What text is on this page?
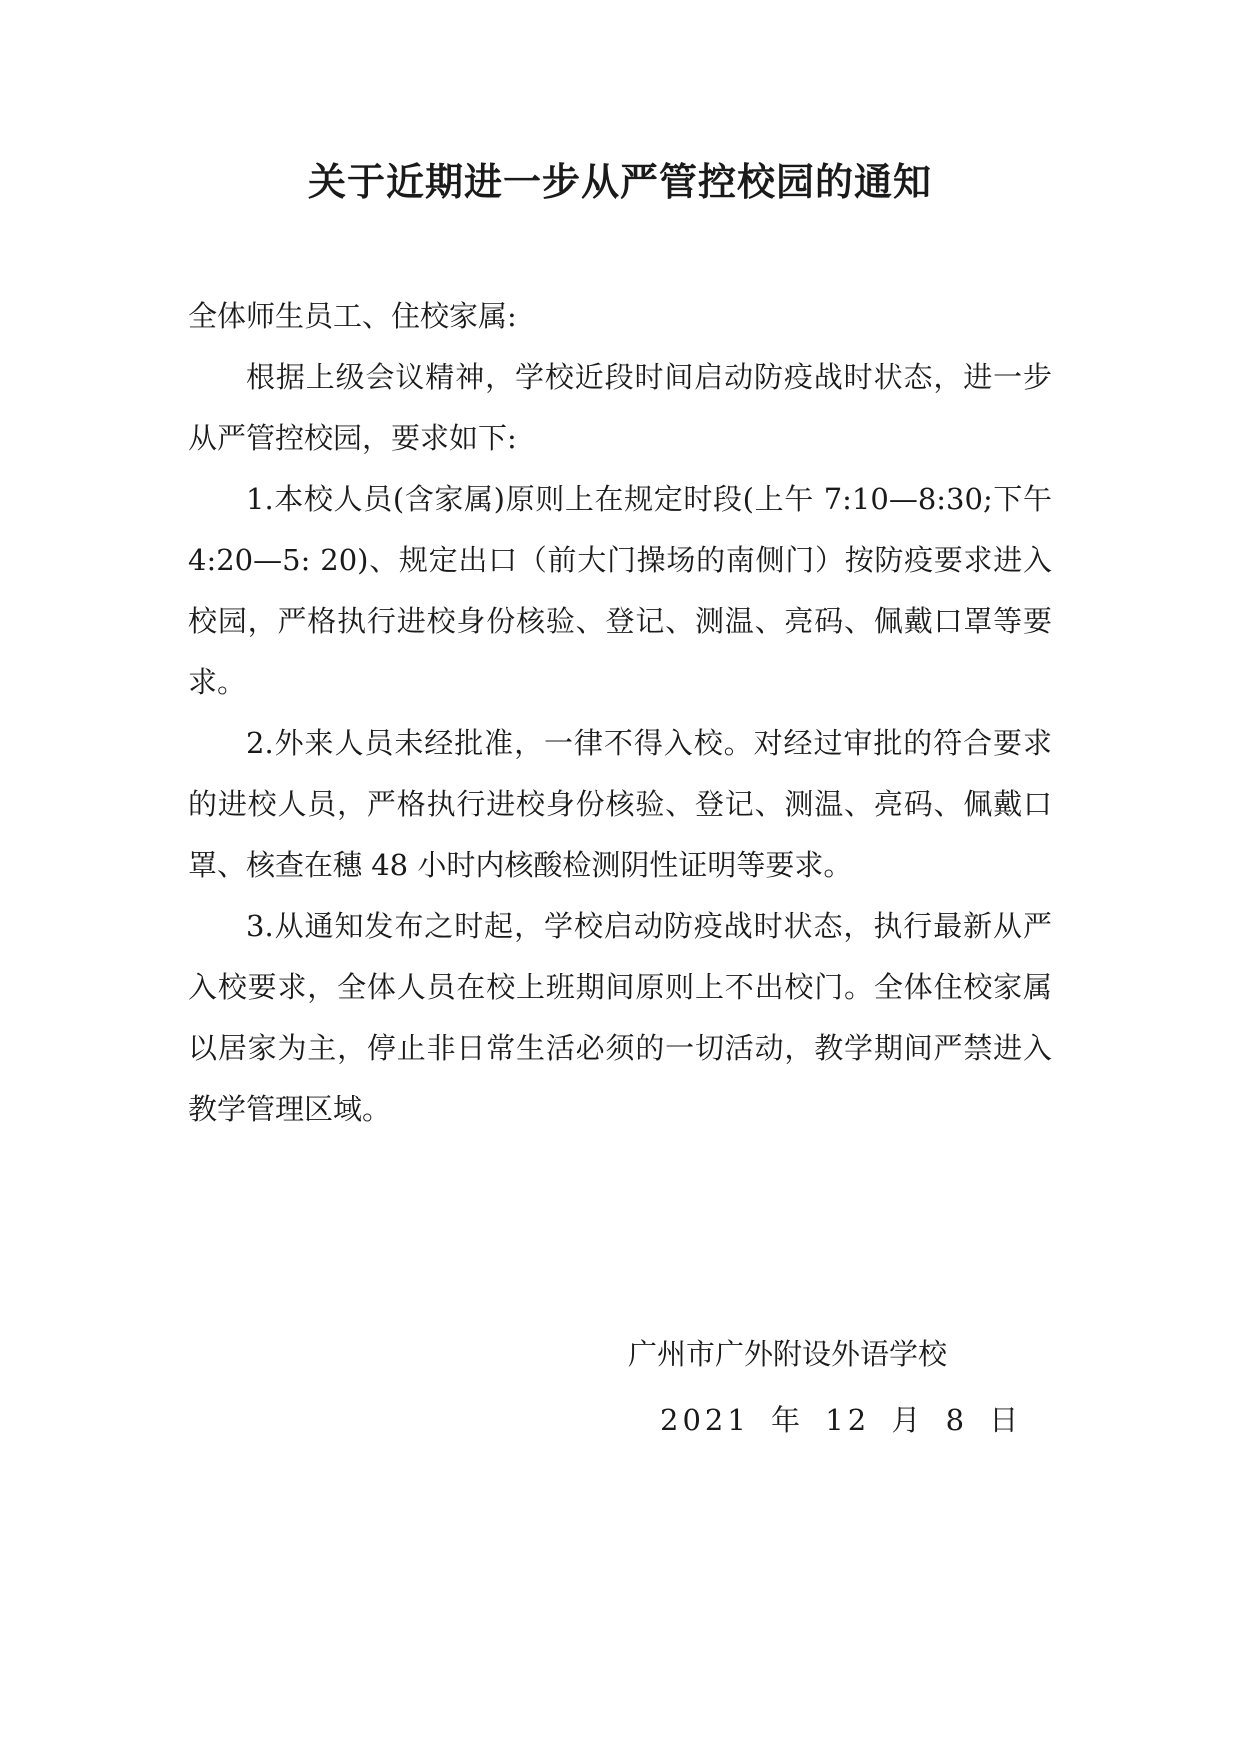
关于近期进一步从严管控校园的通知

全体师生员工、住校家属:

根据上级会议精神，学校近段时间启动防疫战时状态，进一步从严管控校园，要求如下:

1.本校人员(含家属)原则上在规定时段(上午 7:10—8:30;下午 4:20—5: 20)、规定出口（前大门操场的南侧门）按防疫要求进入校园，严格执行进校身份核验、登记、测温、亮码、佩戴口罩等要求。

2.外来人员未经批准，一律不得入校。对经过审批的符合要求的进校人员，严格执行进校身份核验、登记、测温、亮码、佩戴口罩、核查在穗 48 小时内核酸检测阴性证明等要求。

3.从通知发布之时起，学校启动防疫战时状态，执行最新从严入校要求，全体人员在校上班期间原则上不出校门。全体住校家属以居家为主，停止非日常生活必须的一切活动，教学期间严禁进入教学管理区域。

广州市广外附设外语学校
2021 年 12 月 8 日
